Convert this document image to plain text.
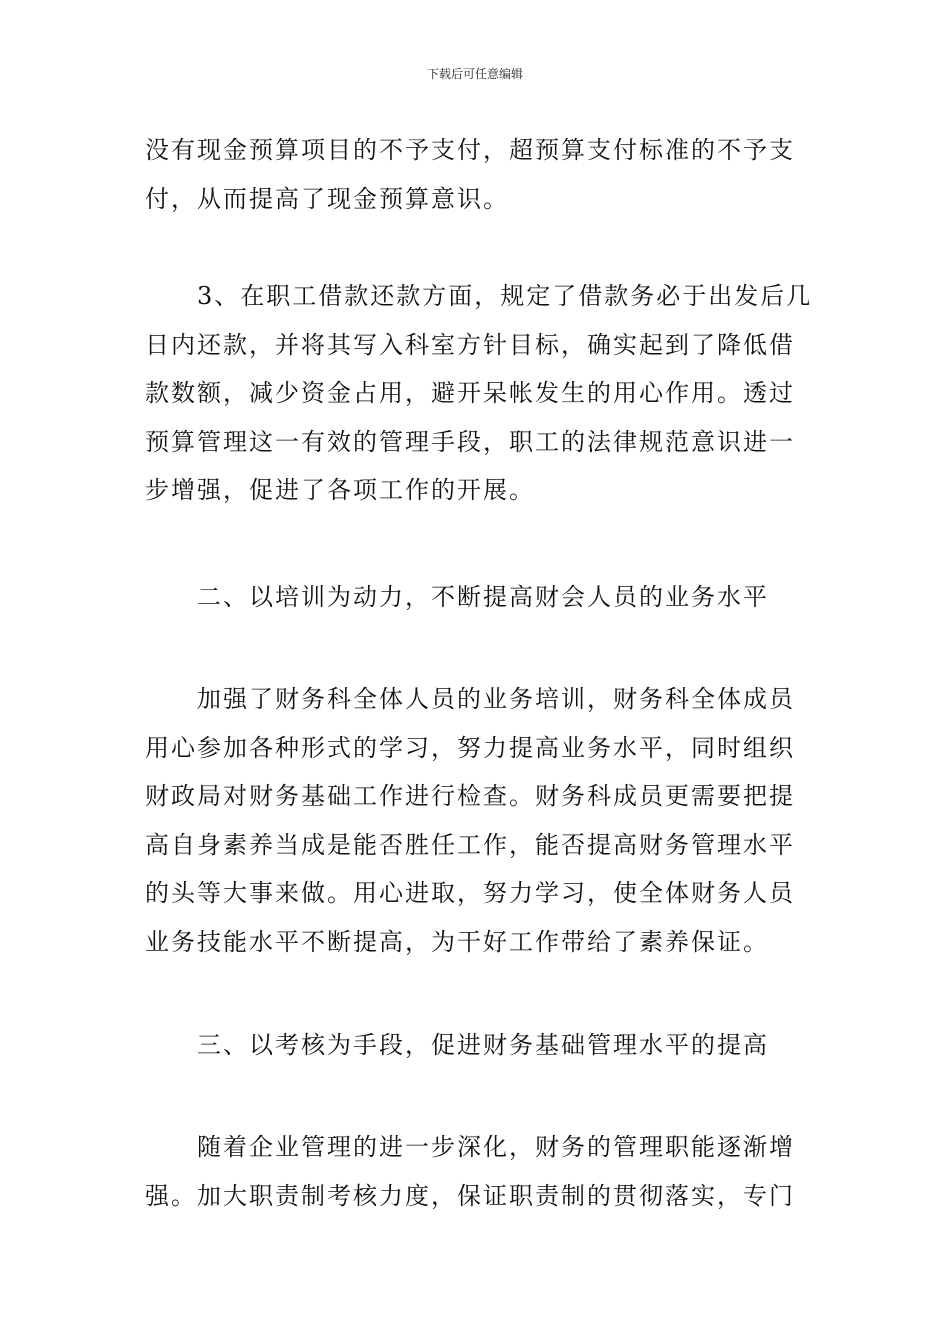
下载后可任意编辑
没有现金预算项目的不予支付，超预算支付标准的不予支
付，从而提高了现金预算意识。
　　3、在职工借款还款方面，规定了借款务必于出发后几
日内还款，并将其写入科室方针目标，确实起到了降低借
款数额，减少资金占用，避开呆帐发生的用心作用。透过
预算管理这一有效的管理手段，职工的法律规范意识进一
步增强，促进了各项工作的开展。
　　二、以培训为动力，不断提高财会人员的业务水平
　　加强了财务科全体人员的业务培训，财务科全体成员
用心参加各种形式的学习，努力提高业务水平，同时组织
财政局对财务基础工作进行检查。财务科成员更需要把提
高自身素养当成是能否胜任工作，能否提高财务管理水平
的头等大事来做。用心进取，努力学习，使全体财务人员
业务技能水平不断提高，为干好工作带给了素养保证。
　　三、以考核为手段，促进财务基础管理水平的提高
　　随着企业管理的进一步深化，财务的管理职能逐渐增
强。加大职责制考核力度，保证职责制的贯彻落实，专门
